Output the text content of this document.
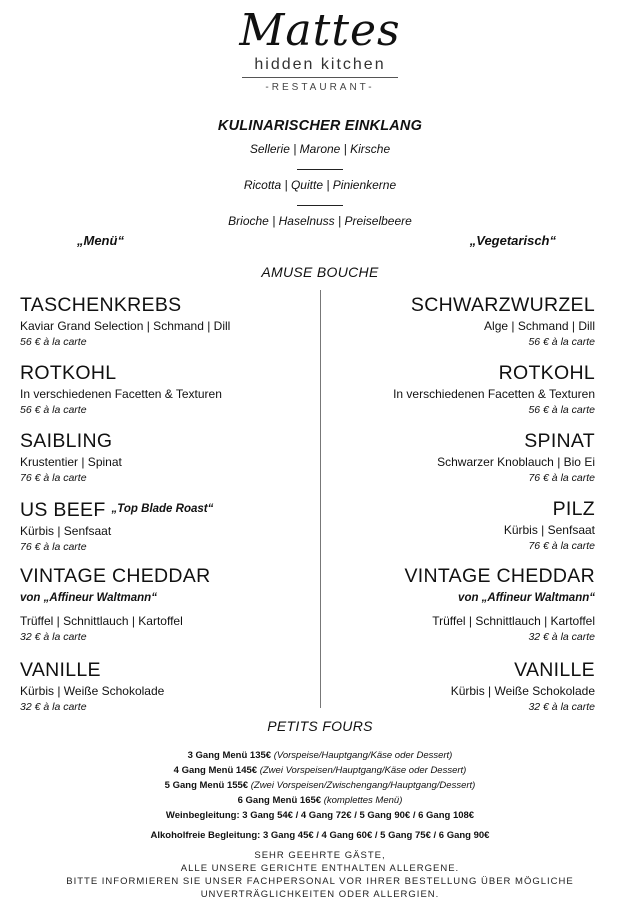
Mattes
hidden kitchen
-RESTAURANT-
KULINARISCHER EINKLANG
Sellerie | Marone | Kirsche
Ricotta | Quitte | Pinienkerne
Brioche | Haselnuss | Preiselbeere
„Menü“	„Vegetarisch“
AMUSE BOUCHE
TASCHENKREBS
Kaviar Grand Selection | Schmand | Dill
56 € à la carte
ROTKOHL
In verschiedenen Facetten & Texturen
56 € à la carte
SAIBLING
Krustentier | Spinat
76 € à la carte
US BEEF $^{„Top Blade Roast“}$
Kürbis | Senfsaat
76 € à la carte
VINTAGE CHEDDAR
von „Affineur Waltmann“
Trüffel | Schnittlauch | Kartoffel
32 € à la carte
VANILLE
Kürbis | Weiße Schokolade
32 € à la carte
SCHWARZWURZEL
Alge | Schmand | Dill
56 € à la carte
ROTKOHL
In verschiedenen Facetten & Texturen
56 € à la carte
SPINAT
Schwarzer Knoblauch | Bio Ei
76 € à la carte
PILZ
Kürbis | Senfsaat
76 € à la carte
VINTAGE CHEDDAR
von „Affineur Waltmann“
Trüffel | Schnittlauch | Kartoffel
32 € à la carte
VANILLE
Kürbis | Weiße Schokolade
32 € à la carte
PETITS FOURS
3 Gang Menü 135€ (Vorspeise/Hauptgang/Käse oder Dessert)
4 Gang Menü 145€ (Zwei Vorspeisen/Hauptgang/Käse oder Dessert)
5 Gang Menü 155€ (Zwei Vorspeisen/Zwischengang/Hauptgang/Dessert)
6 Gang Menü 165€ (komplettes Menü)
Weinbegleitung: 3 Gang 54€ / 4 Gang 72€ / 5 Gang 90€ / 6 Gang 108€
Alkoholfreie Begleitung: 3 Gang 45€ / 4 Gang 60€ / 5 Gang 75€ / 6 Gang 90€
SEHR GEEHRTE GÄSTE,
ALLE UNSERE GERICHTE ENTHALTEN ALLERGENE.
BITTE INFORMIEREN SIE UNSER FACHPERSONAL VOR IHRER BESTELLUNG ÜBER MÖGLICHE
UNVERTRÄGLICHKEITEN ODER ALLERGIEN.
